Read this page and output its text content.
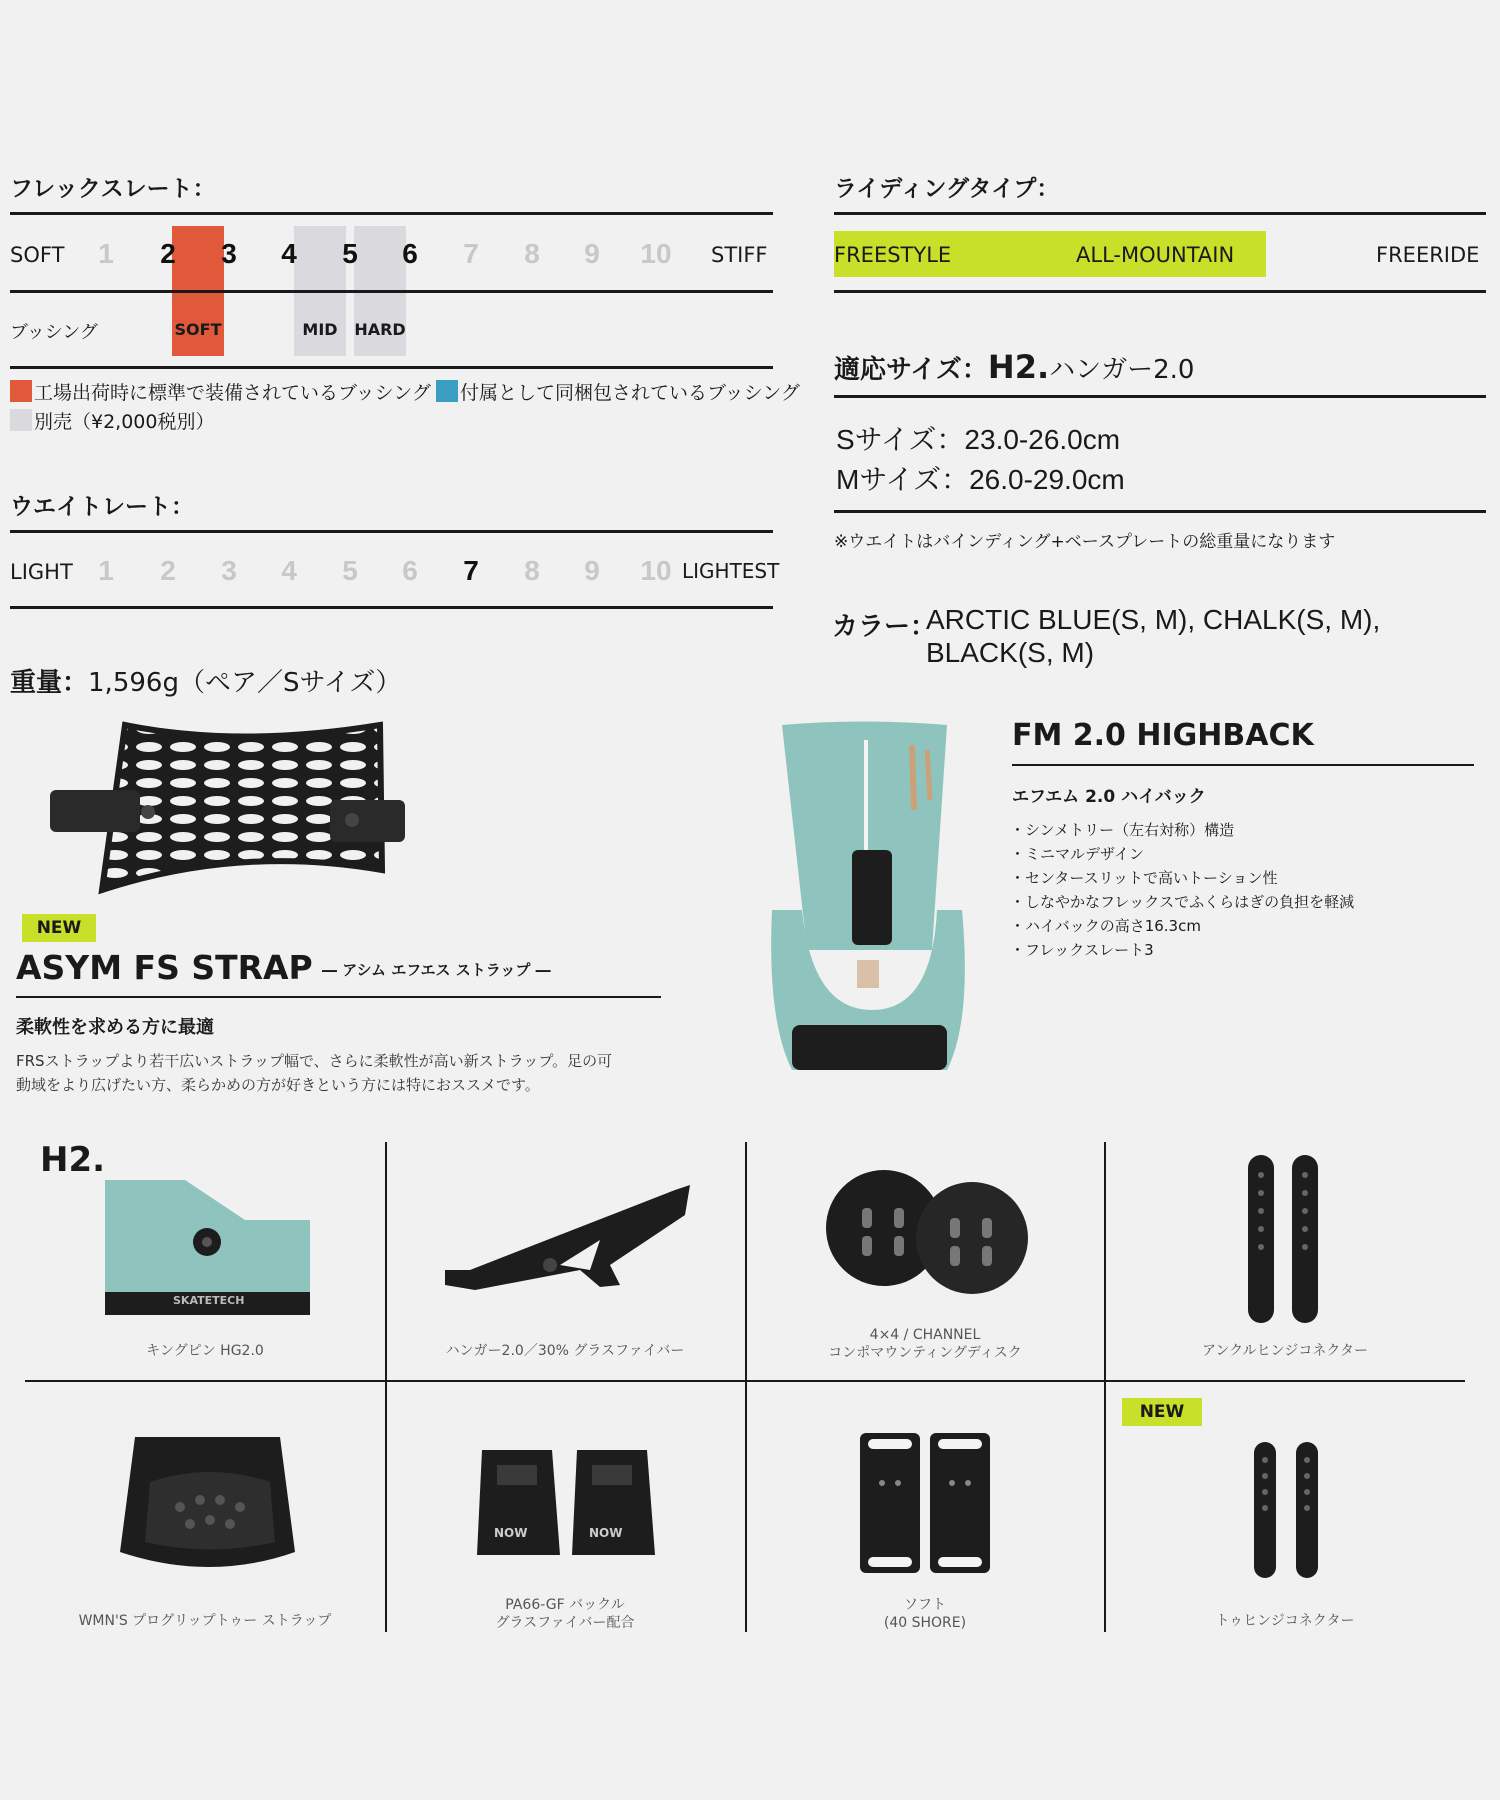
フレックスレート：
SOFT	1	2	3	4	5	6	7	8	9	10 STIFF
ブッシング	SOFT	MID	HARD
工場出荷時に標準で装備されているブッシング 付属として同梱包されているブッシング
別売（¥2,000税別）
ウエイトレート：
LIGHT 1	2	3	4	5	6	7	8	9	10 LIGHTEST
重量：1,596g（ペア／Sサイズ）
ライディングタイプ：
FREESTYLE	ALL-MOUNTAIN	FREERIDE
適応サイズ：H2.ハンガー2.0
Sサイズ：23.0-26.0cm
Mサイズ：26.0-29.0cm
※ウエイトはバインディング+ベースプレートの総重量になります
カラー：
ARCTIC BLUE(S, M), CHALK(S, M),
BLACK(S, M)
NEW
ASYM FS STRAP ― アシム エフエス ストラップ ―
柔軟性を求める方に最適
FRSストラップより若干広いストラップ幅で、さらに柔軟性が高い新ストラップ。足の可
動域をより広げたい方、柔らかめの方が好きという方には特におススメです。
FM 2.0 HIGHBACK
エフエム 2.0 ハイバック
・シンメトリー（左右対称）構造
・ミニマルデザイン
・センタースリットで高いトーション性
・しなやかなフレックスでふくらはぎの負担を軽減
・ハイバックの高さ16.3cm
・フレックスレート3
H2.
SKATETECH
キングピン HG2.0	ハンガー2.0／30% グラスファイバー
4×4 / CHANNEL
コンポマウンティングディスク	アンクルヒンジコネクター
WMN'S プログリップトゥー ストラップ
NOW	NOW
PA66-GF バックル
グラスファイバー配合
ソフト
(40 SHORE)
NEW
トゥヒンジコネクター
